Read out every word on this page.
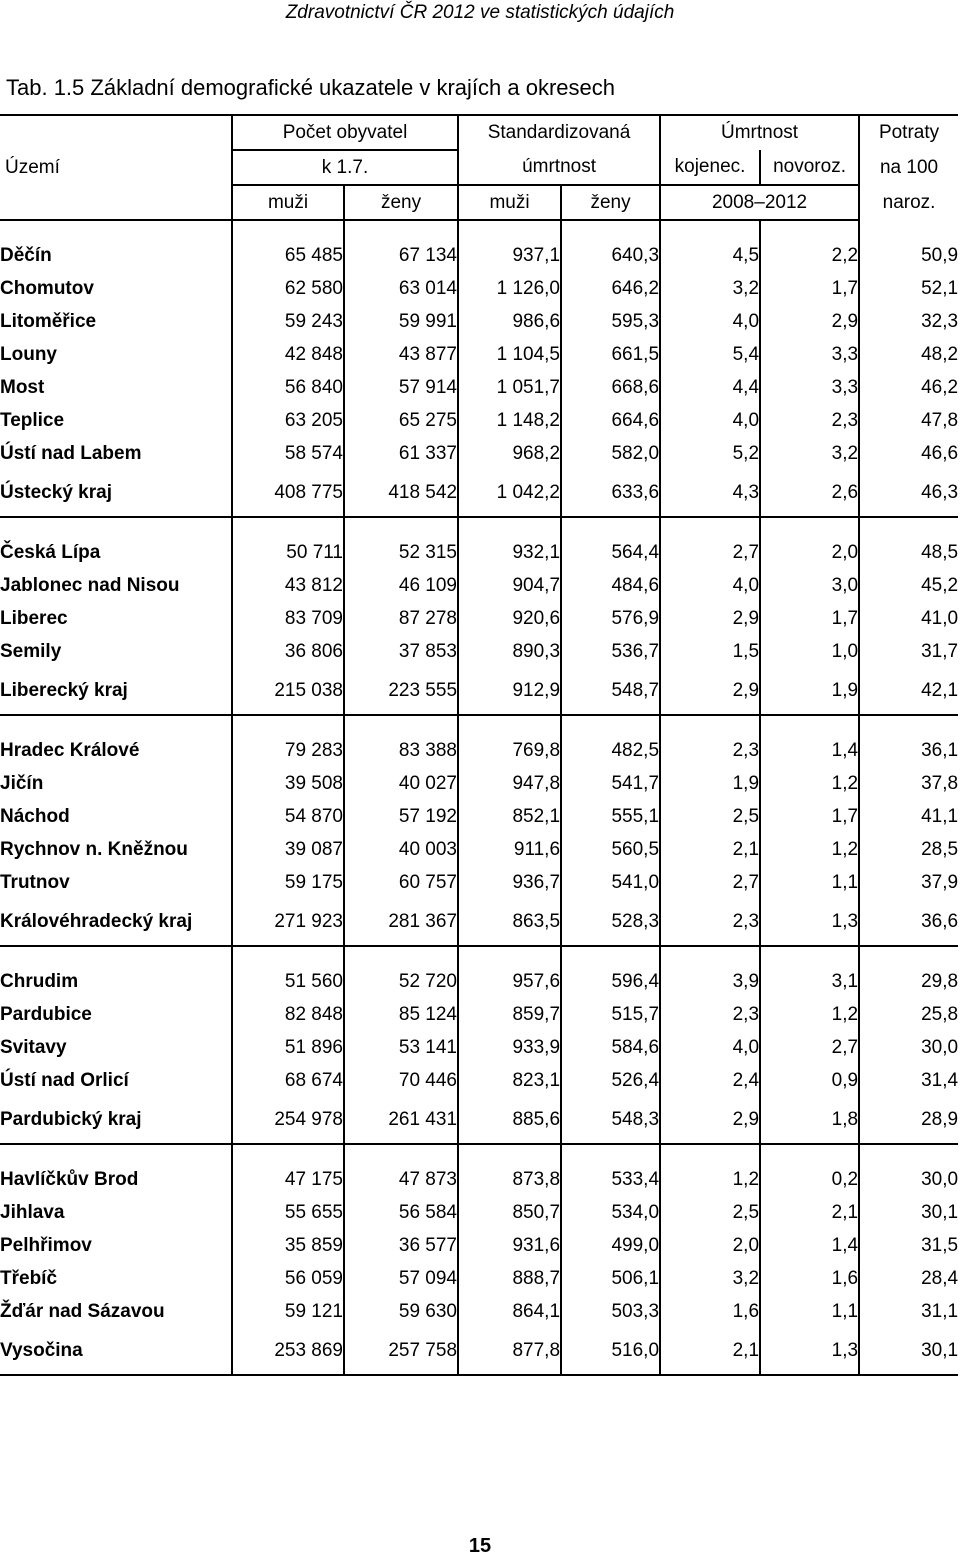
Zdravotnictví ČR 2012 ve statistických údajích
Tab. 1.5 Základní demografické ukazatele v krajích a okresech
	Počet obyvatel		Standardizovaná		Úmrtnost		Potraty
Území	k 1.7.		úmrtnost		kojenec.	novoroz.	na 100
	muži	ženy	muži	ženy	2008–2012		naroz.

Děčín	65 485	67 134	937,1	640,3	4,5	2,2	50,9
Chomutov	62 580	63 014	1 126,0	646,2	3,2	1,7	52,1
Litoměřice	59 243	59 991	986,6	595,3	4,0	2,9	32,3
Louny	42 848	43 877	1 104,5	661,5	5,4	3,3	48,2
Most	56 840	57 914	1 051,7	668,6	4,4	3,3	46,2
Teplice	63 205	65 275	1 148,2	664,6	4,0	2,3	47,8
Ústí nad Labem	58 574	61 337	968,2	582,0	5,2	3,2	46,6
Ústecký kraj	408 775	418 542	1 042,2	633,6	4,3	2,6	46,3

Česká Lípa	50 711	52 315	932,1	564,4	2,7	2,0	48,5
Jablonec nad Nisou	43 812	46 109	904,7	484,6	4,0	3,0	45,2
Liberec	83 709	87 278	920,6	576,9	2,9	1,7	41,0
Semily	36 806	37 853	890,3	536,7	1,5	1,0	31,7
Liberecký kraj	215 038	223 555	912,9	548,7	2,9	1,9	42,1

Hradec Králové	79 283	83 388	769,8	482,5	2,3	1,4	36,1
Jičín	39 508	40 027	947,8	541,7	1,9	1,2	37,8
Náchod	54 870	57 192	852,1	555,1	2,5	1,7	41,1
Rychnov n. Kněžnou	39 087	40 003	911,6	560,5	2,1	1,2	28,5
Trutnov	59 175	60 757	936,7	541,0	2,7	1,1	37,9
Královéhradecký kraj	271 923	281 367	863,5	528,3	2,3	1,3	36,6

Chrudim	51 560	52 720	957,6	596,4	3,9	3,1	29,8
Pardubice	82 848	85 124	859,7	515,7	2,3	1,2	25,8
Svitavy	51 896	53 141	933,9	584,6	4,0	2,7	30,0
Ústí nad Orlicí	68 674	70 446	823,1	526,4	2,4	0,9	31,4
Pardubický kraj	254 978	261 431	885,6	548,3	2,9	1,8	28,9

Havlíčkův Brod	47 175	47 873	873,8	533,4	1,2	0,2	30,0
Jihlava	55 655	56 584	850,7	534,0	2,5	2,1	30,1
Pelhřimov	35 859	36 577	931,6	499,0	2,0	1,4	31,5
Třebíč	56 059	57 094	888,7	506,1	3,2	1,6	28,4
Žďár nad Sázavou	59 121	59 630	864,1	503,3	1,6	1,1	31,1
Vysočina	253 869	257 758	877,8	516,0	2,1	1,3	30,1
15
